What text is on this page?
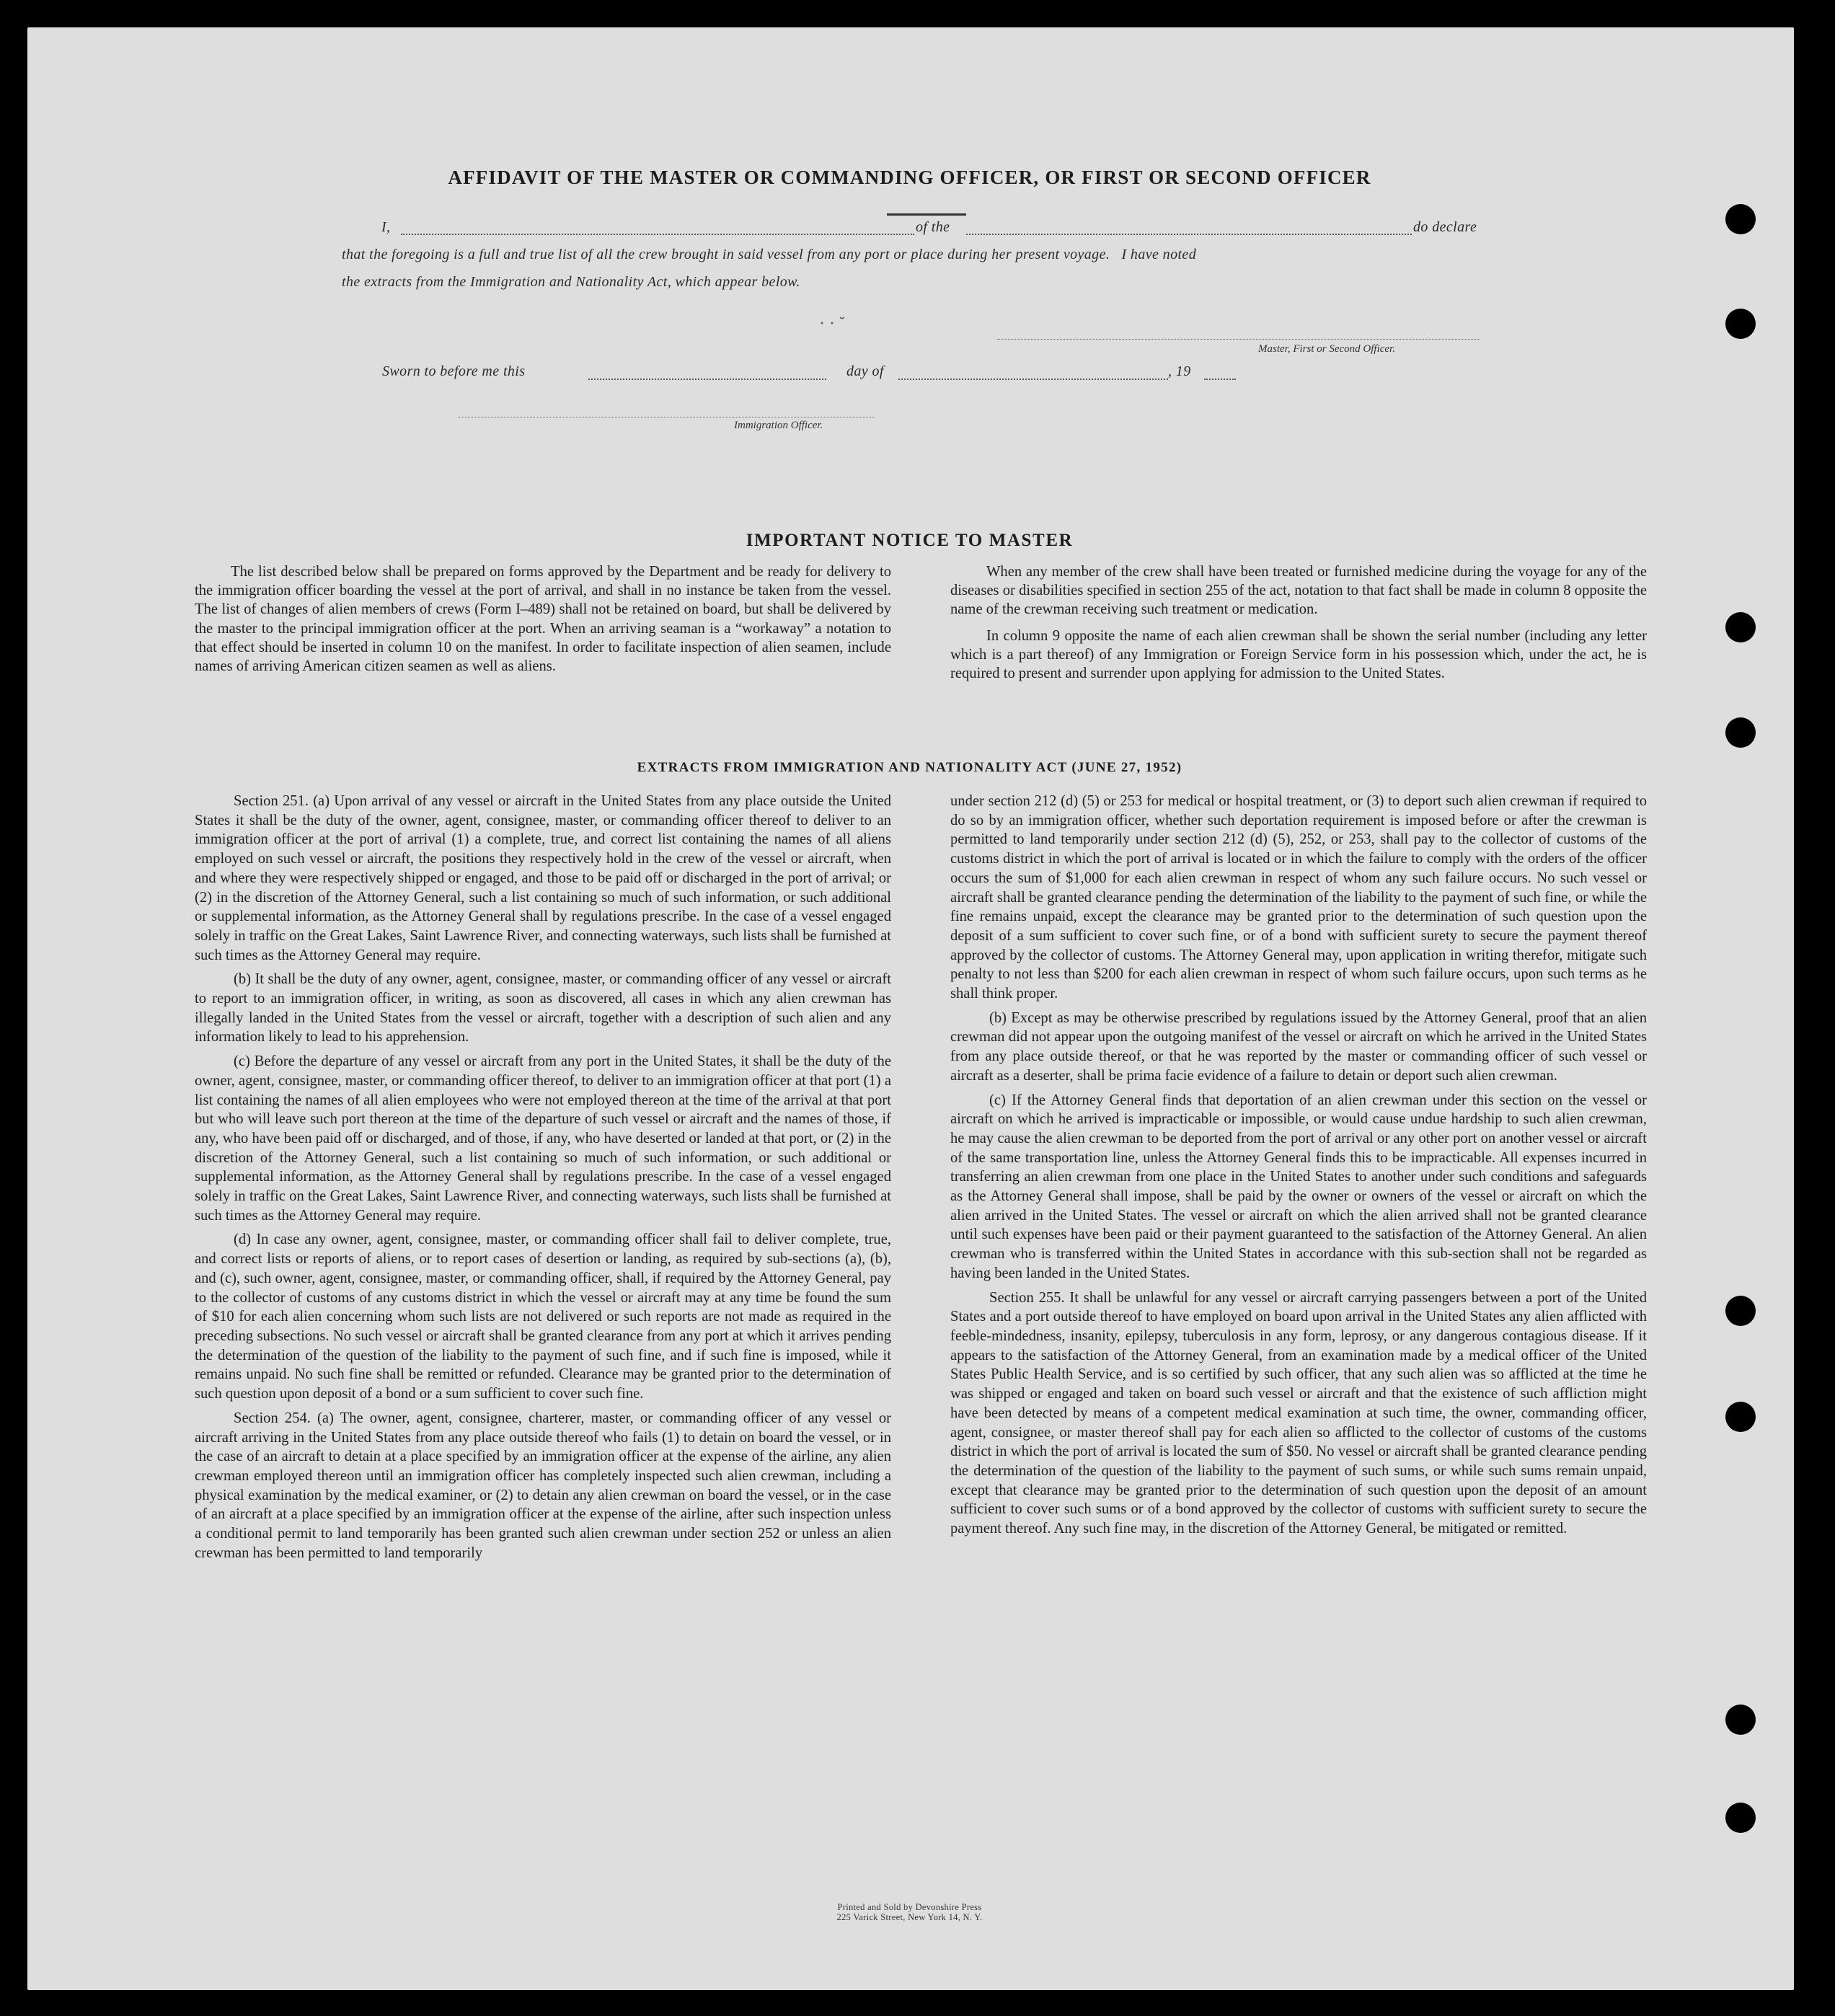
AFFIDAVIT OF THE MASTER OR COMMANDING OFFICER, OR FIRST OR SECOND OFFICER
I,	of the	do declare
that the foregoing is a full and true list of all the crew brought in said vessel from any port or place during her present voyage.   I have noted
the extracts from the Immigration and Nationality Act, which appear below.
Master, First or Second Officer.
Sworn to before me this	day of	, 19
Immigration Officer.
· · ˘
IMPORTANT NOTICE TO MASTER

The list described below shall be prepared on forms approved by the Department and be ready for delivery to the immigration officer boarding the vessel at the port of arrival, and shall in no instance be taken from the vessel. The list of changes of alien members of crews (Form I–489) shall not be retained on board, but shall be delivered by the master to the principal immigration officer at the port. When an arriving seaman is a “workaway” a notation to that effect should be inserted in column 10 on the manifest. In order to facilitate inspection of alien seamen, include names of arriving American citizen seamen as well as aliens.

When any member of the crew shall have been treated or furnished medicine during the voyage for any of the diseases or disabilities specified in section 255 of the act, notation to that fact shall be made in column 8 opposite the name of the crewman receiving such treatment or medication.

In column 9 opposite the name of each alien crewman shall be shown the serial number (including any letter which is a part thereof) of any Immigration or Foreign Service form in his possession which, under the act, he is required to present and surrender upon applying for admission to the United States.

EXTRACTS FROM IMMIGRATION AND NATIONALITY ACT (JUNE 27, 1952)

Section 251. (a) Upon arrival of any vessel or aircraft in the United States from any place outside the United States it shall be the duty of the owner, agent, consignee, master, or commanding officer thereof to deliver to an immigration officer at the port of arrival (1) a complete, true, and correct list containing the names of all aliens employed on such vessel or aircraft, the positions they respectively hold in the crew of the vessel or aircraft, when and where they were respectively shipped or engaged, and those to be paid off or discharged in the port of arrival; or (2) in the discretion of the Attorney General, such a list containing so much of such information, or such additional or supplemental information, as the Attorney General shall by regulations prescribe. In the case of a vessel engaged solely in traffic on the Great Lakes, Saint Lawrence River, and connecting waterways, such lists shall be furnished at such times as the Attorney General may require.

(b) It shall be the duty of any owner, agent, consignee, master, or commanding officer of any vessel or aircraft to report to an immigration officer, in writing, as soon as discovered, all cases in which any alien crewman has illegally landed in the United States from the vessel or aircraft, together with a description of such alien and any information likely to lead to his apprehension.

(c) Before the departure of any vessel or aircraft from any port in the United States, it shall be the duty of the owner, agent, consignee, master, or commanding officer thereof, to deliver to an immigration officer at that port (1) a list containing the names of all alien employees who were not employed thereon at the time of the arrival at that port but who will leave such port thereon at the time of the departure of such vessel or aircraft and the names of those, if any, who have been paid off or discharged, and of those, if any, who have deserted or landed at that port, or (2) in the discretion of the Attorney General, such a list containing so much of such information, or such additional or supplemental information, as the Attorney General shall by regulations prescribe. In the case of a vessel engaged solely in traffic on the Great Lakes, Saint Lawrence River, and connecting waterways, such lists shall be furnished at such times as the Attorney General may require.

(d) In case any owner, agent, consignee, master, or commanding officer shall fail to deliver complete, true, and correct lists or reports of aliens, or to report cases of desertion or landing, as required by sub-sections (a), (b), and (c), such owner, agent, consignee, master, or commanding officer, shall, if required by the Attorney General, pay to the collector of customs of any customs district in which the vessel or aircraft may at any time be found the sum of $10 for each alien concerning whom such lists are not delivered or such reports are not made as required in the preceding subsections. No such vessel or aircraft shall be granted clearance from any port at which it arrives pending the determination of the question of the liability to the payment of such fine, and if such fine is imposed, while it remains unpaid. No such fine shall be remitted or refunded. Clearance may be granted prior to the determination of such question upon deposit of a bond or a sum sufficient to cover such fine.

Section 254. (a) The owner, agent, consignee, charterer, master, or commanding officer of any vessel or aircraft arriving in the United States from any place outside thereof who fails (1) to detain on board the vessel, or in the case of an aircraft to detain at a place specified by an immigration officer at the expense of the airline, any alien crewman employed thereon until an immigration officer has completely inspected such alien crewman, including a physical examination by the medical examiner, or (2) to detain any alien crewman on board the vessel, or in the case of an aircraft at a place specified by an immigration officer at the expense of the airline, after such inspection unless a conditional permit to land temporarily has been granted such alien crewman under section 252 or unless an alien crewman has been permitted to land temporarily

under section 212 (d) (5) or 253 for medical or hospital treatment, or (3) to deport such alien crewman if required to do so by an immigration officer, whether such deportation requirement is imposed before or after the crewman is permitted to land temporarily under section 212 (d) (5), 252, or 253, shall pay to the collector of customs of the customs district in which the port of arrival is located or in which the failure to comply with the orders of the officer occurs the sum of $1,000 for each alien crewman in respect of whom any such failure occurs. No such vessel or aircraft shall be granted clearance pending the determination of the liability to the payment of such fine, or while the fine remains unpaid, except the clearance may be granted prior to the determination of such question upon the deposit of a sum sufficient to cover such fine, or of a bond with sufficient surety to secure the payment thereof approved by the collector of customs. The Attorney General may, upon application in writing therefor, mitigate such penalty to not less than $200 for each alien crewman in respect of whom such failure occurs, upon such terms as he shall think proper.

(b) Except as may be otherwise prescribed by regulations issued by the Attorney General, proof that an alien crewman did not appear upon the outgoing manifest of the vessel or aircraft on which he arrived in the United States from any place outside thereof, or that he was reported by the master or commanding officer of such vessel or aircraft as a deserter, shall be prima facie evidence of a failure to detain or deport such alien crewman.

(c) If the Attorney General finds that deportation of an alien crewman under this section on the vessel or aircraft on which he arrived is impracticable or impossible, or would cause undue hardship to such alien crewman, he may cause the alien crewman to be deported from the port of arrival or any other port on another vessel or aircraft of the same transportation line, unless the Attorney General finds this to be impracticable. All expenses incurred in transferring an alien crewman from one place in the United States to another under such conditions and safeguards as the Attorney General shall impose, shall be paid by the owner or owners of the vessel or aircraft on which the alien arrived in the United States. The vessel or aircraft on which the alien arrived shall not be granted clearance until such expenses have been paid or their payment guaranteed to the satisfaction of the Attorney General. An alien crewman who is transferred within the United States in accordance with this sub-section shall not be regarded as having been landed in the United States.

Section 255. It shall be unlawful for any vessel or aircraft carrying passengers between a port of the United States and a port outside thereof to have employed on board upon arrival in the United States any alien afflicted with feeble-mindedness, insanity, epilepsy, tuberculosis in any form, leprosy, or any dangerous contagious disease. If it appears to the satisfaction of the Attorney General, from an examination made by a medical officer of the United States Public Health Service, and is so certified by such officer, that any such alien was so afflicted at the time he was shipped or engaged and taken on board such vessel or aircraft and that the existence of such affliction might have been detected by means of a competent medical examination at such time, the owner, commanding officer, agent, consignee, or master thereof shall pay for each alien so afflicted to the collector of customs of the customs district in which the port of arrival is located the sum of $50. No vessel or aircraft shall be granted clearance pending the determination of the question of the liability to the payment of such sums, or while such sums remain unpaid, except that clearance may be granted prior to the determination of such question upon the deposit of an amount sufficient to cover such sums or of a bond approved by the collector of customs with sufficient surety to secure the payment thereof. Any such fine may, in the discretion of the Attorney General, be mitigated or remitted.

Printed and Sold by Devonshire Press
225 Varick Street, New York 14, N. Y.
